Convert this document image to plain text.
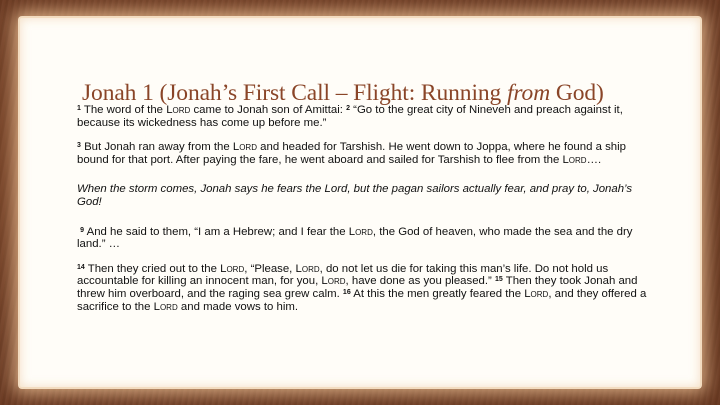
Jonah 1 (Jonah’s First Call – Flight: Running from God)

$^1$ The word of the Lord came to Jonah son of Amittai: $^2$ “Go to the great city of Nineveh and preach against it, because its wickedness has come up before me.”

$^3$ But Jonah ran away from the Lord and headed for Tarshish. He went down to Joppa, where he found a ship bound for that port. After paying the fare, he went aboard and sailed for Tarshish to flee from the Lord….

When the storm comes, Jonah says he fears the Lord, but the pagan sailors actually fear, and pray to, Jonah’s God!

$^9$ And he said to them, “I am a Hebrew; and I fear the Lord, the God of heaven, who made the sea and the dry land.” …

$^{14}$ Then they cried out to the Lord, “Please, Lord, do not let us die for taking this man’s life. Do not hold us accountable for killing an innocent man, for you, Lord, have done as you pleased.” $^{15}$ Then they took Jonah and threw him overboard, and the raging sea grew calm. $^{16}$ At this the men greatly feared the Lord, and they offered a sacrifice to the Lord and made vows to him.
